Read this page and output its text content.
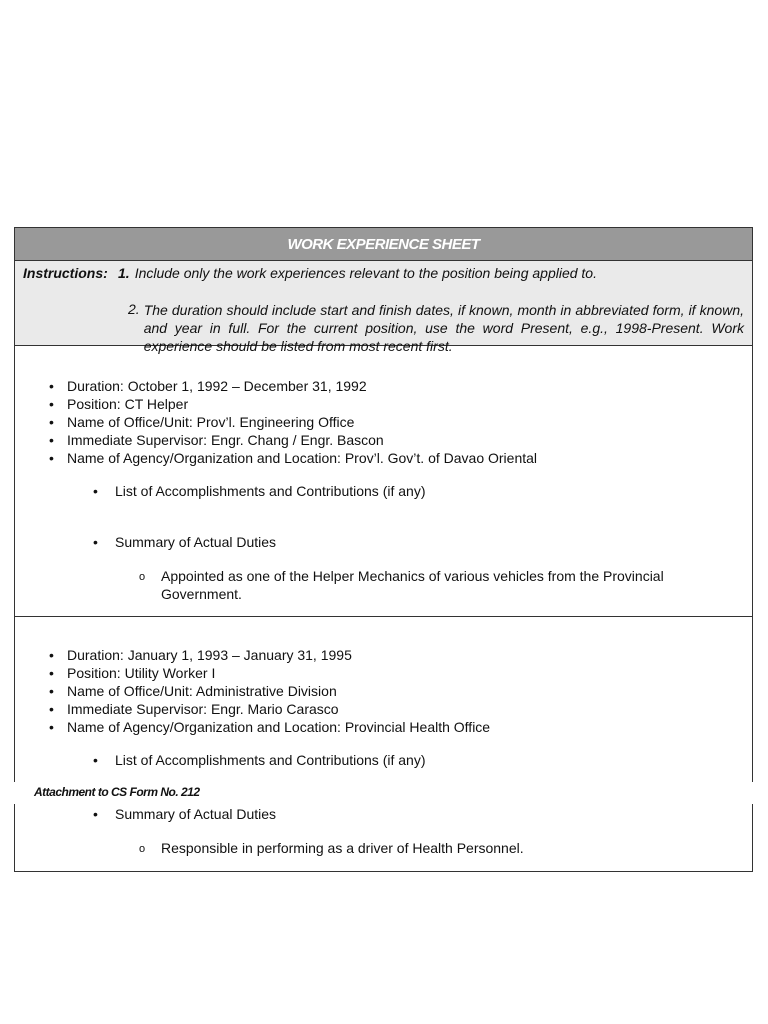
WORK EXPERIENCE SHEET
Instructions: 1. Include only the work experiences relevant to the position being applied to.
2. The duration should include start and finish dates, if known, month in abbreviated form, if known, and year in full. For the current position, use the word Present, e.g., 1998-Present. Work experience should be listed from most recent first.
• Duration: October 1, 1992 – December 31, 1992
• Position: CT Helper
• Name of Office/Unit: Prov’l. Engineering Office
• Immediate Supervisor: Engr. Chang / Engr. Bascon
• Name of Agency/Organization and Location: Prov’l. Gov’t. of Davao Oriental
• List of Accomplishments and Contributions (if any)
• Summary of Actual Duties
o Appointed as one of the Helper Mechanics of various vehicles from the Provincial Government.
• Duration: January 1, 1993 – January 31, 1995
• Position: Utility Worker I
• Name of Office/Unit: Administrative Division
• Immediate Supervisor: Engr. Mario Carasco
• Name of Agency/Organization and Location: Provincial Health Office
• List of Accomplishments and Contributions (if any)
• Summary of Actual Duties
o Responsible in performing as a driver of Health Personnel.
Attachment to CS Form No. 212
